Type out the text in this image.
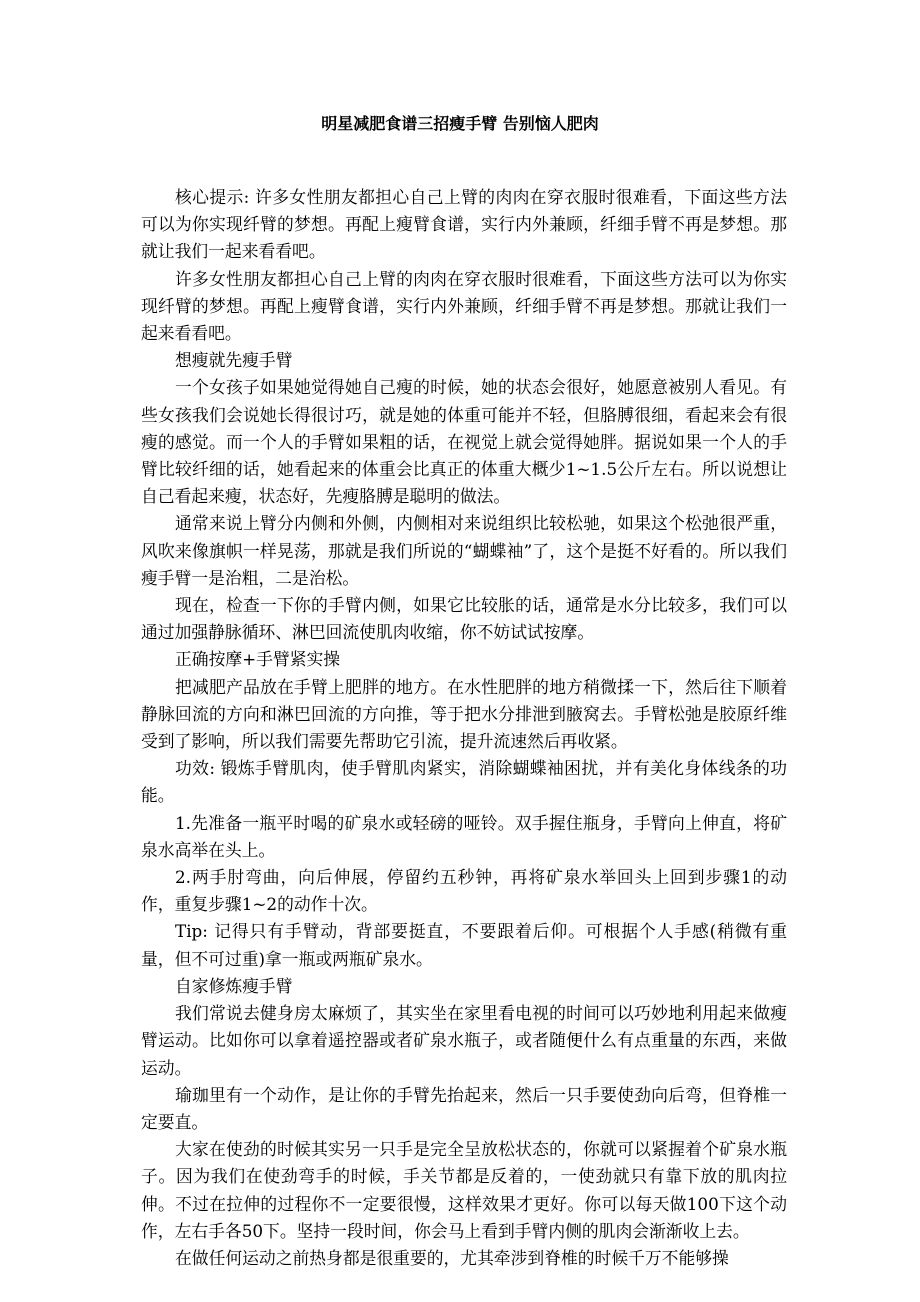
明星减肥食谱三招瘦手臂 告别恼人肥肉

核心提示: 许多女性朋友都担心自己上臂的肉肉在穿衣服时很难看，下面这些方法可以为你实现纤臂的梦想。再配上瘦臂食谱，实行内外兼顾，纤细手臂不再是梦想。那就让我们一起来看看吧。

许多女性朋友都担心自己上臂的肉肉在穿衣服时很难看，下面这些方法可以为你实现纤臂的梦想。再配上瘦臂食谱，实行内外兼顾，纤细手臂不再是梦想。那就让我们一起来看看吧。

想瘦就先瘦手臂

一个女孩子如果她觉得她自己瘦的时候，她的状态会很好，她愿意被别人看见。有些女孩我们会说她长得很讨巧，就是她的体重可能并不轻，但胳膊很细，看起来会有很瘦的感觉。而一个人的手臂如果粗的话，在视觉上就会觉得她胖。据说如果一个人的手臂比较纤细的话，她看起来的体重会比真正的体重大概少1~1.5公斤左右。所以说想让自己看起来瘦，状态好，先瘦胳膊是聪明的做法。

通常来说上臂分内侧和外侧，内侧相对来说组织比较松驰，如果这个松弛很严重，风吹来像旗帜一样晃荡，那就是我们所说的“蝴蝶袖”了，这个是挺不好看的。所以我们瘦手臂一是治粗，二是治松。

现在，检查一下你的手臂内侧，如果它比较胀的话，通常是水分比较多，我们可以通过加强静脉循环、淋巴回流使肌肉收缩，你不妨试试按摩。

正确按摩+手臂紧实操

把减肥产品放在手臂上肥胖的地方。在水性肥胖的地方稍微揉一下，然后往下顺着静脉回流的方向和淋巴回流的方向推，等于把水分排泄到腋窝去。手臂松弛是胶原纤维受到了影响，所以我们需要先帮助它引流，提升流速然后再收紧。

功效: 锻炼手臂肌肉，使手臂肌肉紧实，消除蝴蝶袖困扰，并有美化身体线条的功能。

1.先准备一瓶平时喝的矿泉水或轻磅的哑铃。双手握住瓶身，手臂向上伸直，将矿泉水高举在头上。

2.两手肘弯曲，向后伸展，停留约五秒钟，再将矿泉水举回头上回到步骤1的动作，重复步骤1~2的动作十次。

Tip: 记得只有手臂动，背部要挺直，不要跟着后仰。可根据个人手感(稍微有重量，但不可过重)拿一瓶或两瓶矿泉水。

自家修炼瘦手臂

我们常说去健身房太麻烦了，其实坐在家里看电视的时间可以巧妙地利用起来做瘦臂运动。比如你可以拿着遥控器或者矿泉水瓶子，或者随便什么有点重量的东西，来做运动。

瑜珈里有一个动作，是让你的手臂先抬起来，然后一只手要使劲向后弯，但脊椎一定要直。

大家在使劲的时候其实另一只手是完全呈放松状态的，你就可以紧握着个矿泉水瓶子。因为我们在使劲弯手的时候，手关节都是反着的，一使劲就只有靠下放的肌肉拉伸。不过在拉伸的过程你不一定要很慢，这样效果才更好。你可以每天做100下这个动作，左右手各50下。坚持一段时间，你会马上看到手臂内侧的肌肉会渐渐收上去。

在做任何运动之前热身都是很重要的，尤其牵涉到脊椎的时候千万不能够操
